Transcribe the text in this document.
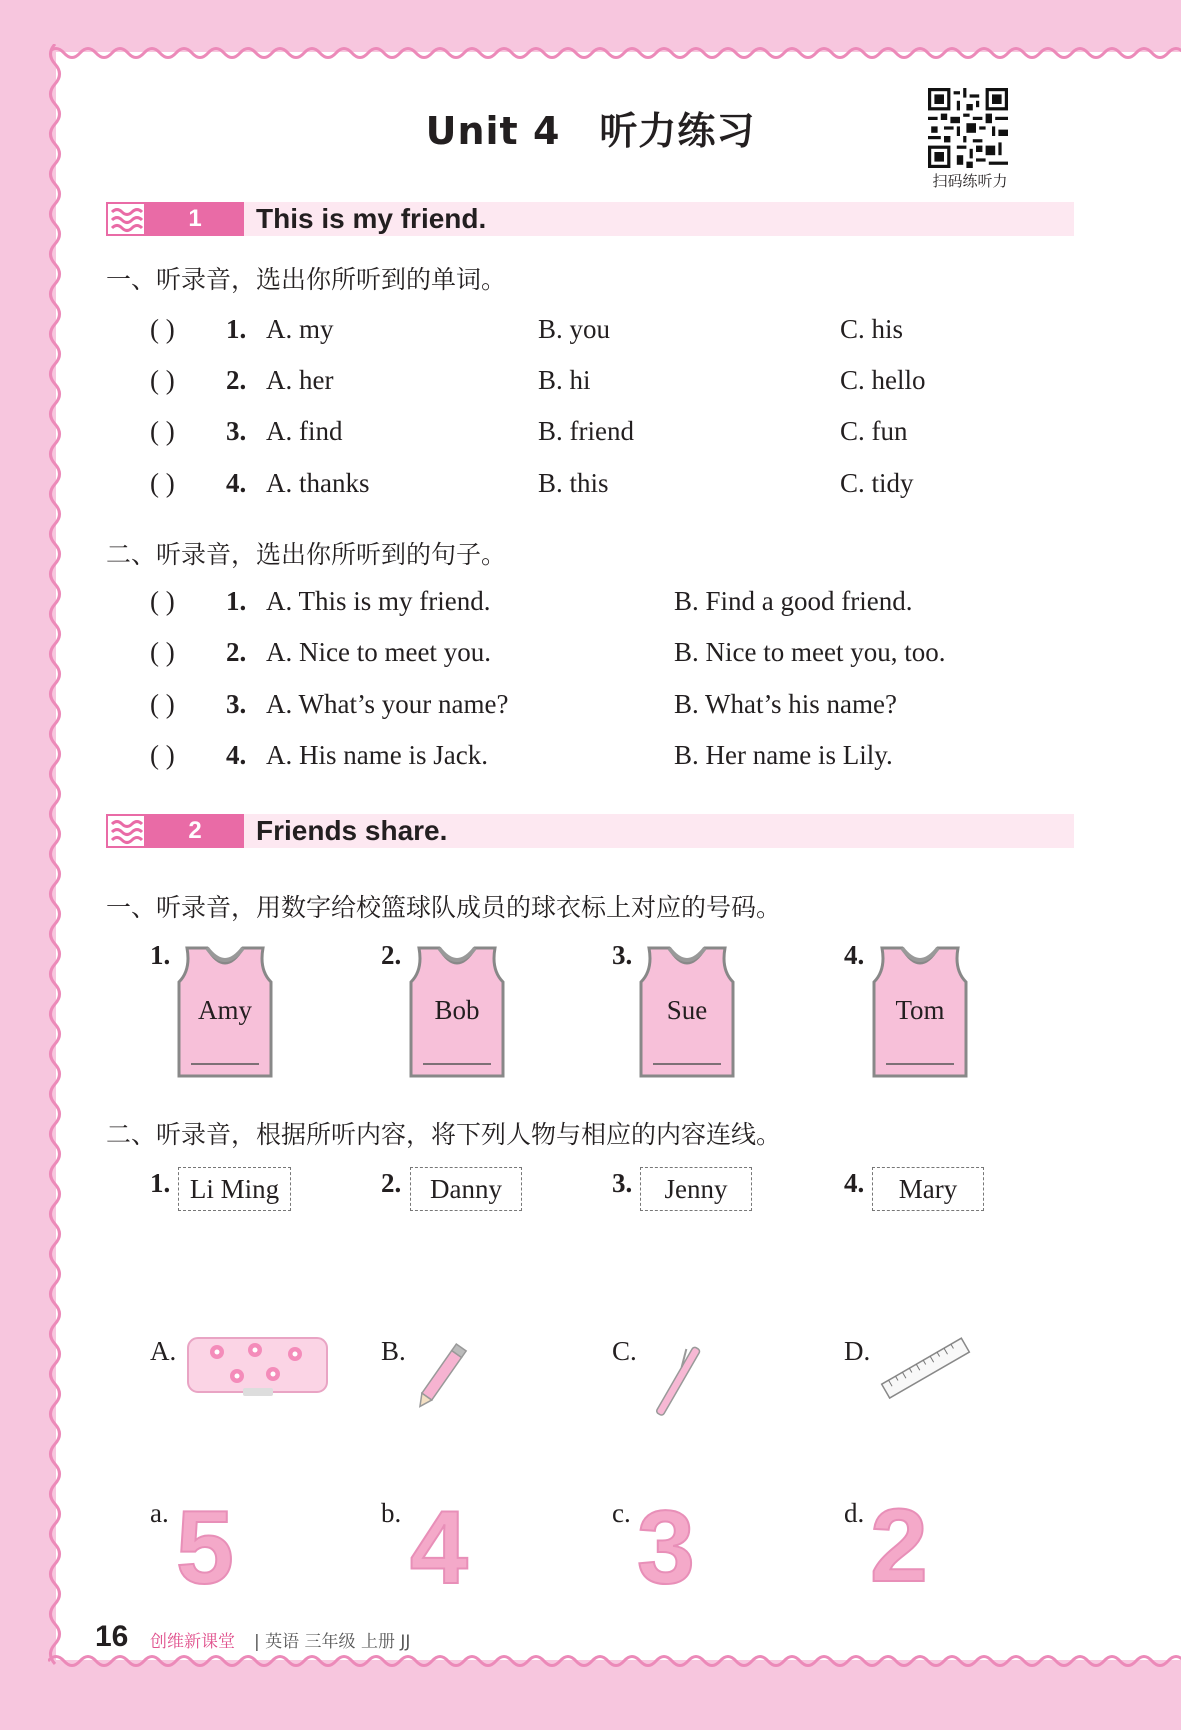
Unit 4　听力练习
扫码练听力
1	This is my friend.
一、听录音，选出你所听到的单词。
( ) 1. A. my	B. you	C. his
( ) 2. A. her	B. hi	C. hello
( ) 3. A. find	B. friend	C. fun
( ) 4. A. thanks	B. this	C. tidy
二、听录音，选出你所听到的句子。
( ) 1. A. This is my friend.	B. Find a good friend.
( ) 2. A. Nice to meet you.	B. Nice to meet you, too.
( ) 3. A. What’s your name?	B. What’s his name?
( ) 4. A. His name is Jack.	B. Her name is Lily.
2	Friends share.
一、听录音，用数字给校篮球队成员的球衣标上对应的号码。
1.
Amy
2.
Bob
3.
Sue
4.
Tom
二、听录音，根据所听内容，将下列人物与相应的内容连线。
1. Li Ming	2.	Danny	3.	Jenny	4.	Mary
A.	B.	C.	D.
a. 5	b. 4	c. 3	d. 2
16 创维新课堂 | 英语 三年级 上册 JJ
